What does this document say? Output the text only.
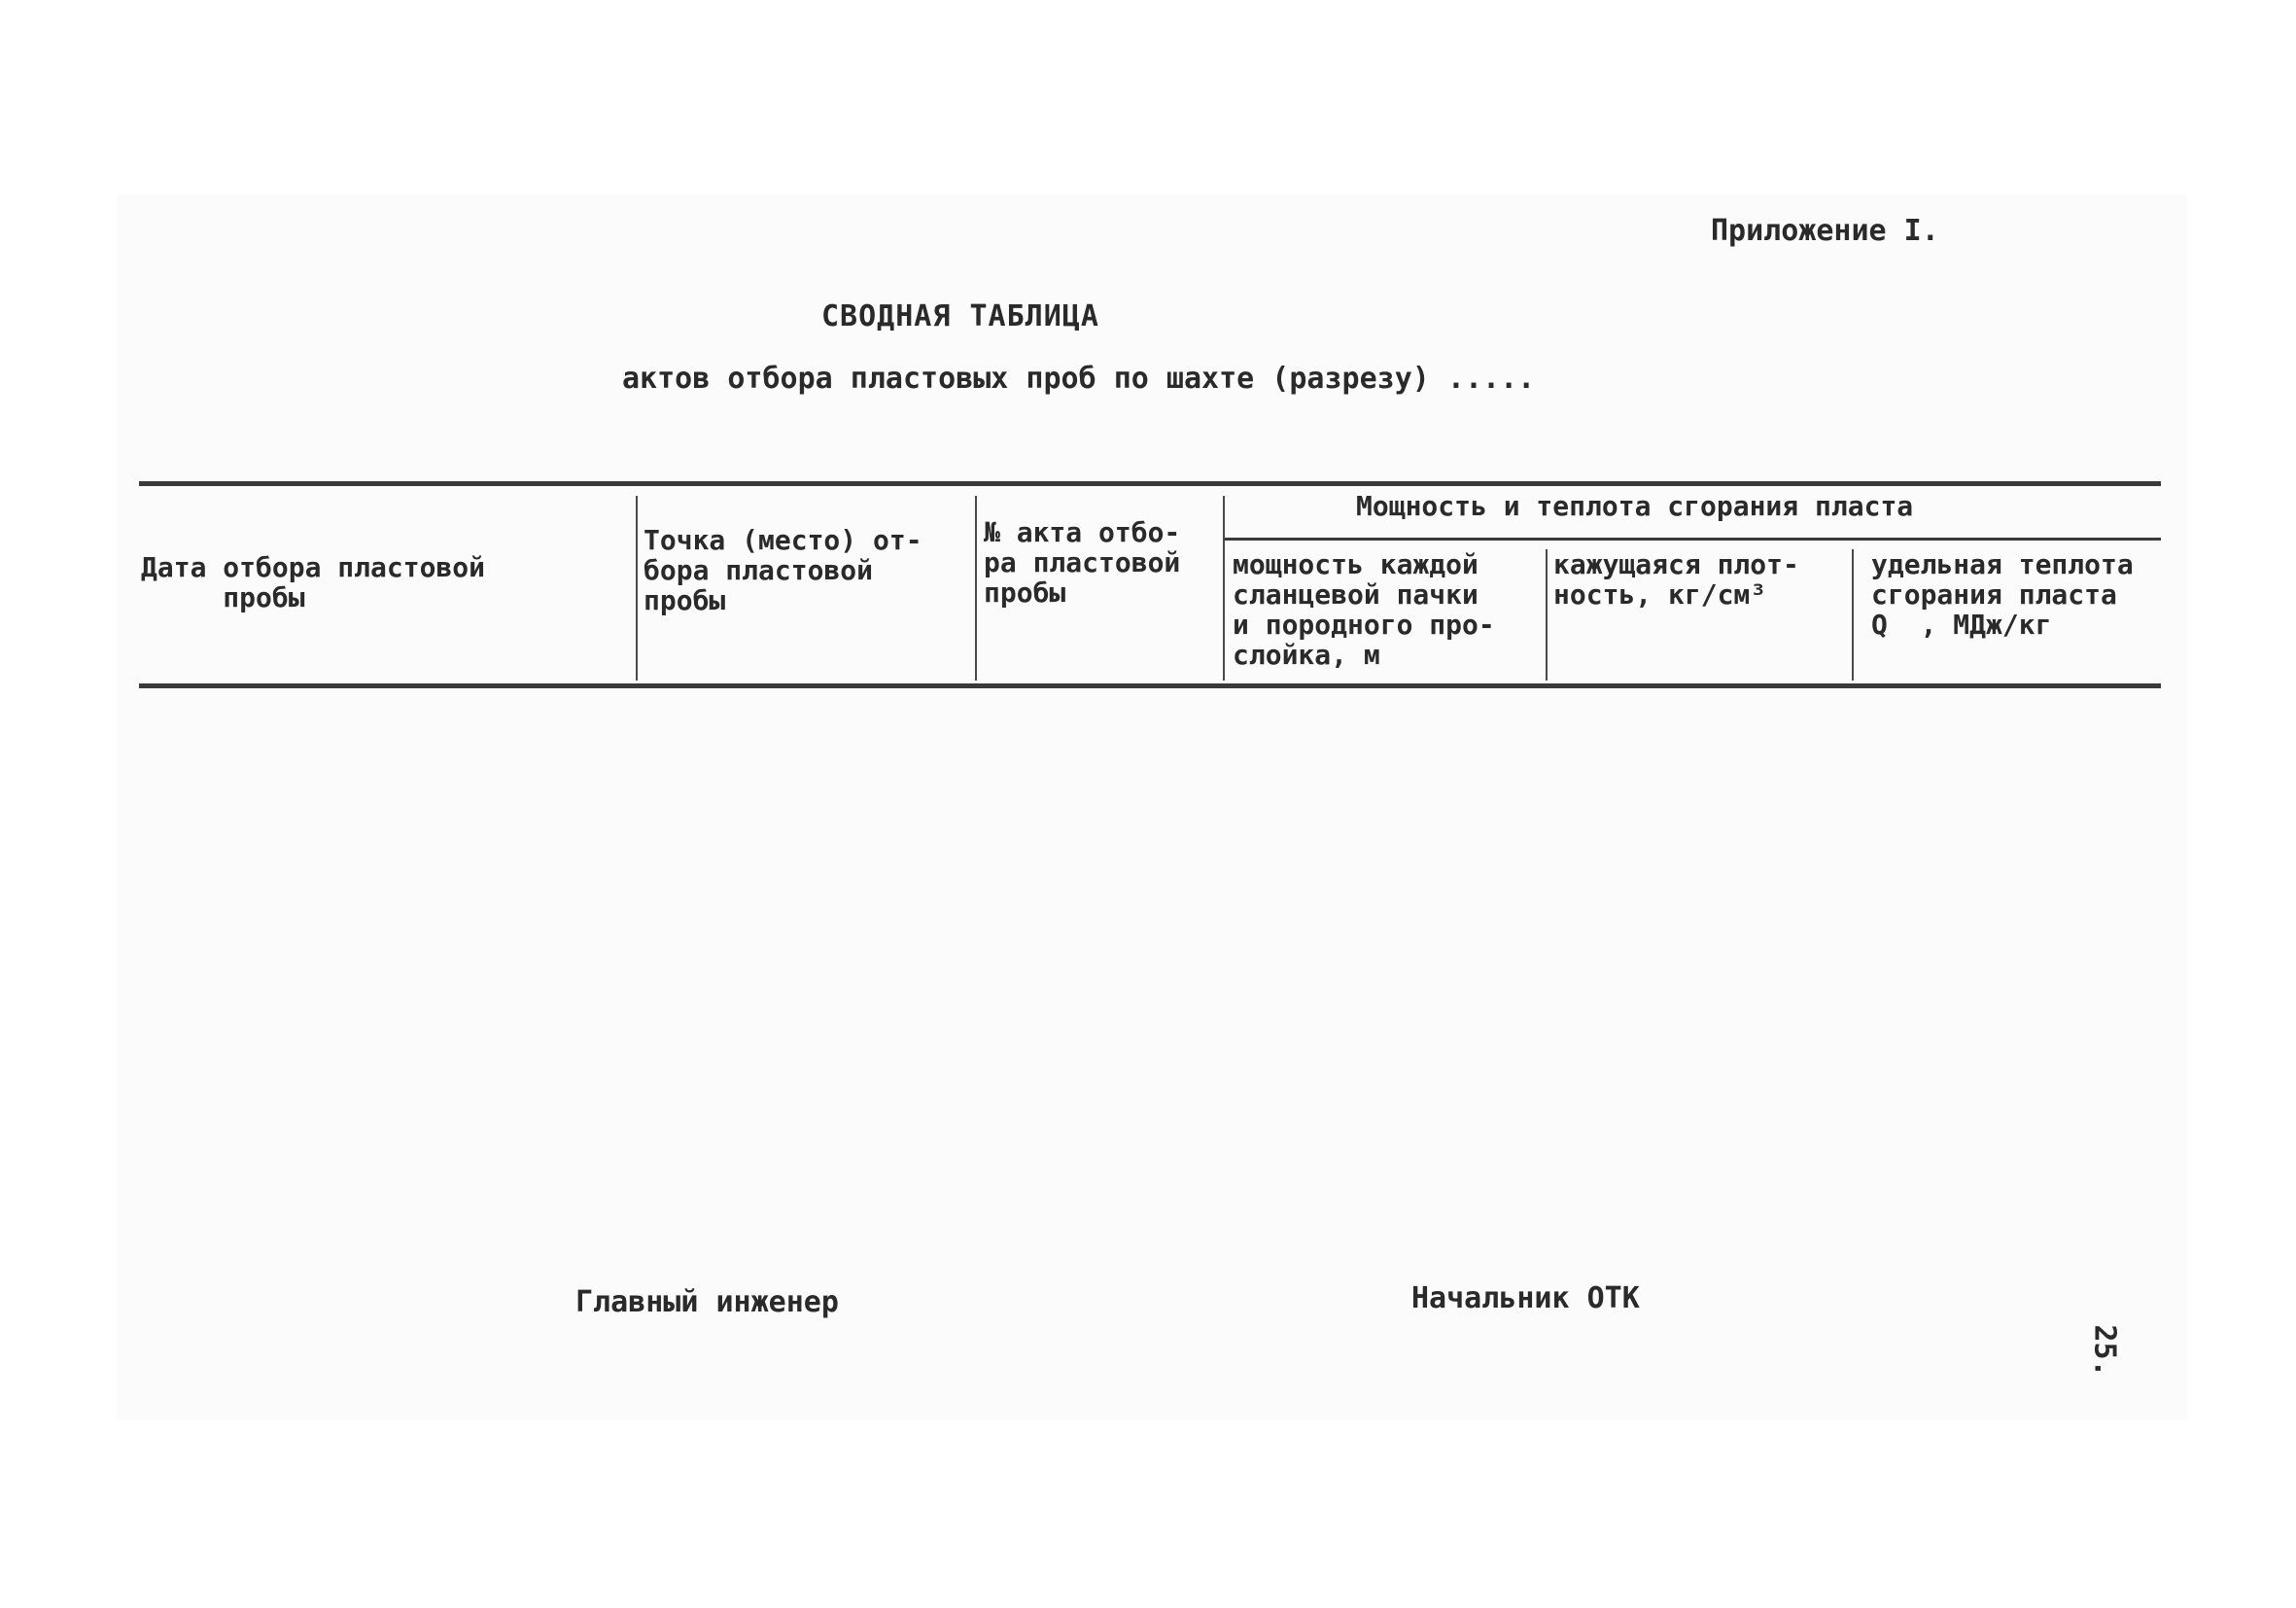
Приложение I.
СВОДНАЯ ТАБЛИЦА
актов отбора пластовых проб по шахте (разрезу) .....
Мощность и теплота сгорания пласта
Дата отбора пластовой
пробы
Точка (место) от-
бора пластовой
пробы
№ акта отбо-
ра пластовой
пробы
мощность каждой
сланцевой пачки
и породного про-
слойка, м
кажущаяся плот-
ность, кг/см³
удельная теплота
сгорания пласта
Q  , МДж/кг
Главный инженер	Начальник ОТК
25.
